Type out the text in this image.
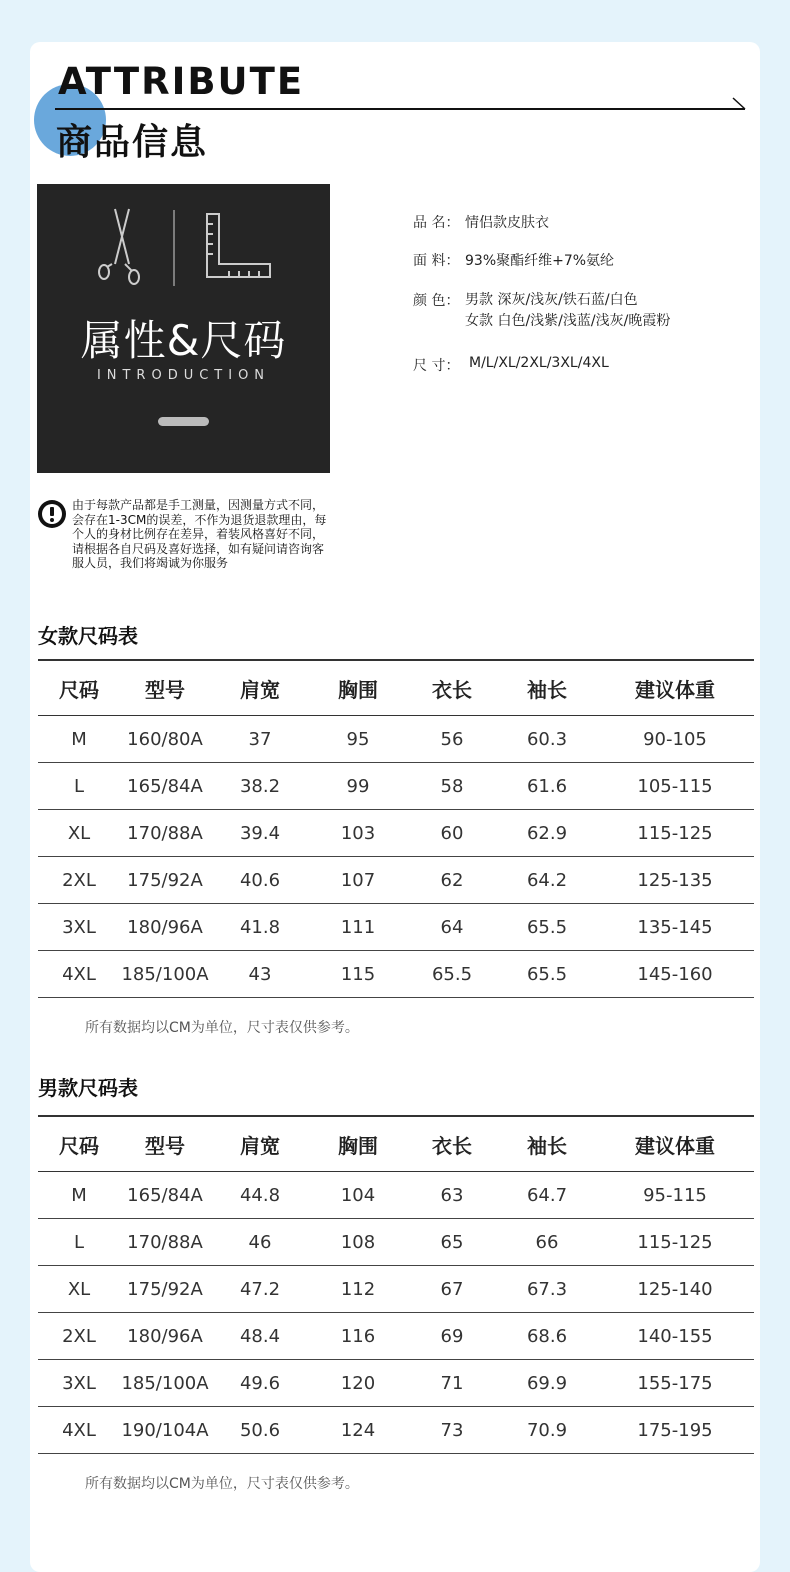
ATTRIBUTE
商品信息
属性&尺码
INTRODUCTION
品 名： 情侣款皮肤衣
面 料： 93%聚酯纤维+7%氨纶
颜 色： 男款 深灰/浅灰/铁石蓝/白色
女款 白色/浅紫/浅蓝/浅灰/晚霞粉
尺 寸： M/L/XL/2XL/3XL/4XL
由于每款产品都是手工测量，因测量方式不同，会存在1-3CM的误差，不作为退货退款理由，每个人的身材比例存在差异，着装风格喜好不同，请根据各自尺码及喜好选择，如有疑问请咨询客服人员，我们将竭诚为你服务
女款尺码表
尺码	型号	肩宽	胸围	衣长	袖长	建议体重
M	160/80A	37	95	56	60.3	90-105
L	165/84A	38.2	99	58	61.6	105-115
XL	170/88A	39.4	103	60	62.9	115-125
2XL	175/92A	40.6	107	62	64.2	125-135
3XL	180/96A	41.8	111	64	65.5	135-145
4XL	185/100A	43	115	65.5	65.5	145-160
所有数据均以CM为单位，尺寸表仅供参考。
男款尺码表
尺码	型号	肩宽	胸围	衣长	袖长	建议体重
M	165/84A	44.8	104	63	64.7	95-115
L	170/88A	46	108	65	66	115-125
XL	175/92A	47.2	112	67	67.3	125-140
2XL	180/96A	48.4	116	69	68.6	140-155
3XL	185/100A	49.6	120	71	69.9	155-175
4XL	190/104A	50.6	124	73	70.9	175-195
所有数据均以CM为单位，尺寸表仅供参考。
